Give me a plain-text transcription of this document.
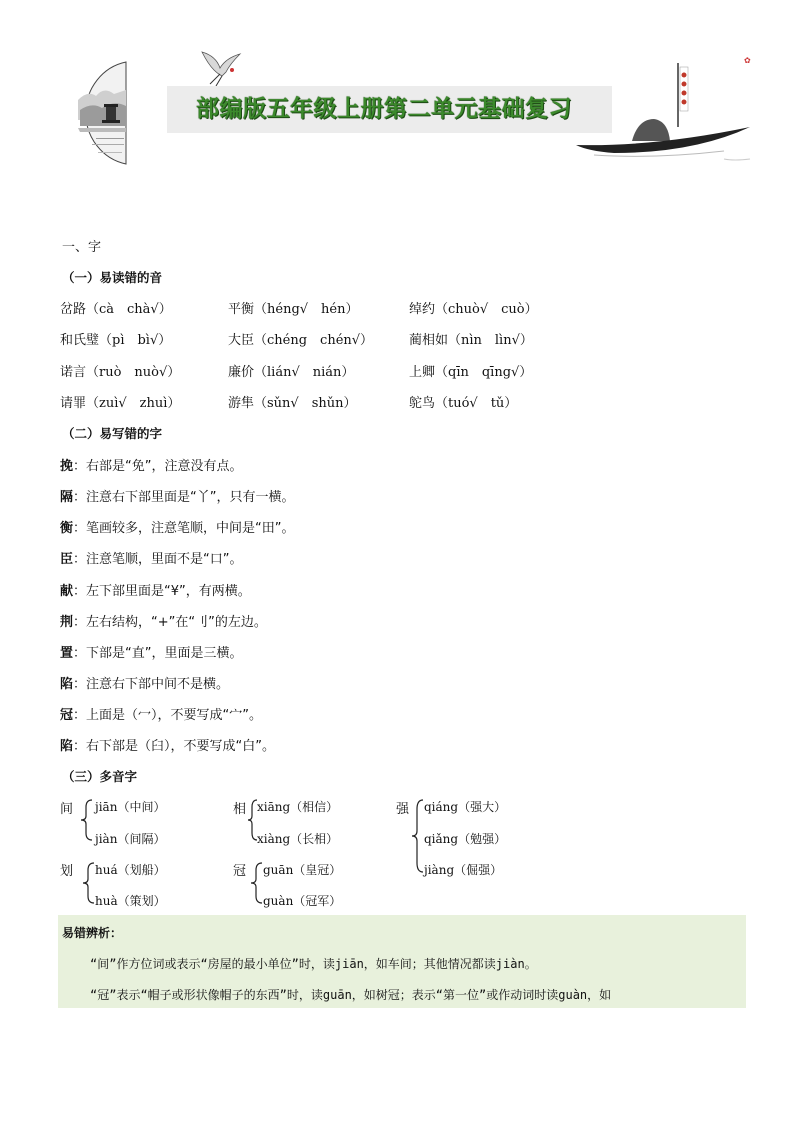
部编版五年级上册第二单元基础复习
✿
一、字
（一）易读错的音
岔路（cà　chà√）	平衡（héng√　hén）	绰约（chuò√　cuò）
和氏璧（pì　bì√）	大臣（chéng　chén√）	蔺相如（nìn　lìn√）
诺言（ruò　nuò√）	廉价（lián√　nián）	上卿（qīn　qīng√）
请罪（zuì√　zhuì）	游隼（sǔn√　shǔn）	鸵鸟（tuó√　tǔ）
（二）易写错的字
挽：右部是“免”，注意没有点。
隔：注意右下部里面是“丫”，只有一横。
衡：笔画较多，注意笔顺，中间是“田”。
臣：注意笔顺，里面不是“口”。
献：左下部里面是“¥”，有两横。
荆：左右结构，“+”在“刂”的左边。
置：下部是“直”，里面是三横。
陷：注意右下部中间不是横。
冠：上面是（冖），不要写成“宀”。
陷：右下部是（臼），不要写成“白”。
（三）多音字
间 jiān（中间）
jiàn（间隔）
相 xiāng（相信）
xiàng（长相）
强 qiáng（强大）
qiǎng（勉强）
jiàng（倔强）
划 huá（划船）
huà（策划）
冠 guān（皇冠）
guàn（冠军）
易错辨析：
“间”作方位词或表示“房屋的最小单位”时，读jiān，如车间；其他情况都读jiàn。
“冠”表示“帽子或形状像帽子的东西”时，读guān，如树冠；表示“第一位”或作动词时读guàn，如
